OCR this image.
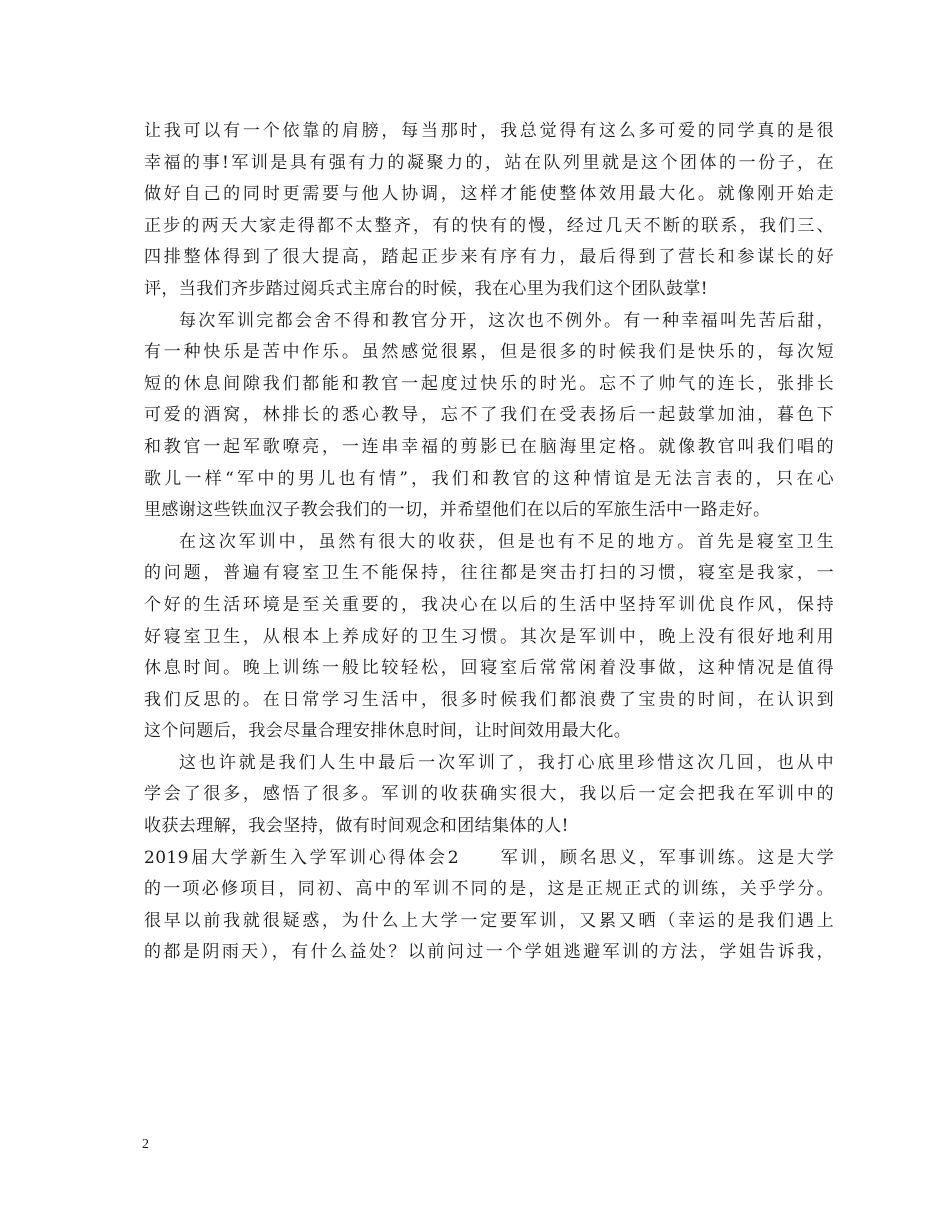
让我可以有一个依靠的肩膀，每当那时，我总觉得有这么多可爱的同学真的是很
幸福的事!军训是具有强有力的凝聚力的，站在队列里就是这个团体的一份子，在
做好自己的同时更需要与他人协调，这样才能使整体效用最大化。就像刚开始走
正步的两天大家走得都不太整齐，有的快有的慢，经过几天不断的联系，我们三、
四排整体得到了很大提高，踏起正步来有序有力，最后得到了营长和参谋长的好
评，当我们齐步踏过阅兵式主席台的时候，我在心里为我们这个团队鼓掌!
每次军训完都会舍不得和教官分开，这次也不例外。有一种幸福叫先苦后甜，
有一种快乐是苦中作乐。虽然感觉很累，但是很多的时候我们是快乐的，每次短
短的休息间隙我们都能和教官一起度过快乐的时光。忘不了帅气的连长，张排长
可爱的酒窝，林排长的悉心教导，忘不了我们在受表扬后一起鼓掌加油，暮色下
和教官一起军歌嘹亮，一连串幸福的剪影已在脑海里定格。就像教官叫我们唱的
歌儿一样“军中的男儿也有情”，我们和教官的这种情谊是无法言表的，只在心
里感谢这些铁血汉子教会我们的一切，并希望他们在以后的军旅生活中一路走好。
在这次军训中，虽然有很大的收获，但是也有不足的地方。首先是寝室卫生
的问题，普遍有寝室卫生不能保持，往往都是突击打扫的习惯，寝室是我家，一
个好的生活环境是至关重要的，我决心在以后的生活中坚持军训优良作风，保持
好寝室卫生，从根本上养成好的卫生习惯。其次是军训中，晚上没有很好地利用
休息时间。晚上训练一般比较轻松，回寝室后常常闲着没事做，这种情况是值得
我们反思的。在日常学习生活中，很多时候我们都浪费了宝贵的时间，在认识到
这个问题后，我会尽量合理安排休息时间，让时间效用最大化。
这也许就是我们人生中最后一次军训了，我打心底里珍惜这次几回，也从中
学会了很多，感悟了很多。军训的收获确实很大，我以后一定会把我在军训中的
收获去理解，我会坚持，做有时间观念和团结集体的人!
2019届大学新生入学军训心得体会2　　军训，顾名思义，军事训练。这是大学
的一项必修项目，同初、高中的军训不同的是，这是正规正式的训练，关乎学分。
很早以前我就很疑惑，为什么上大学一定要军训，又累又晒（幸运的是我们遇上
的都是阴雨天），有什么益处？以前问过一个学姐逃避军训的方法，学姐告诉我，
2
